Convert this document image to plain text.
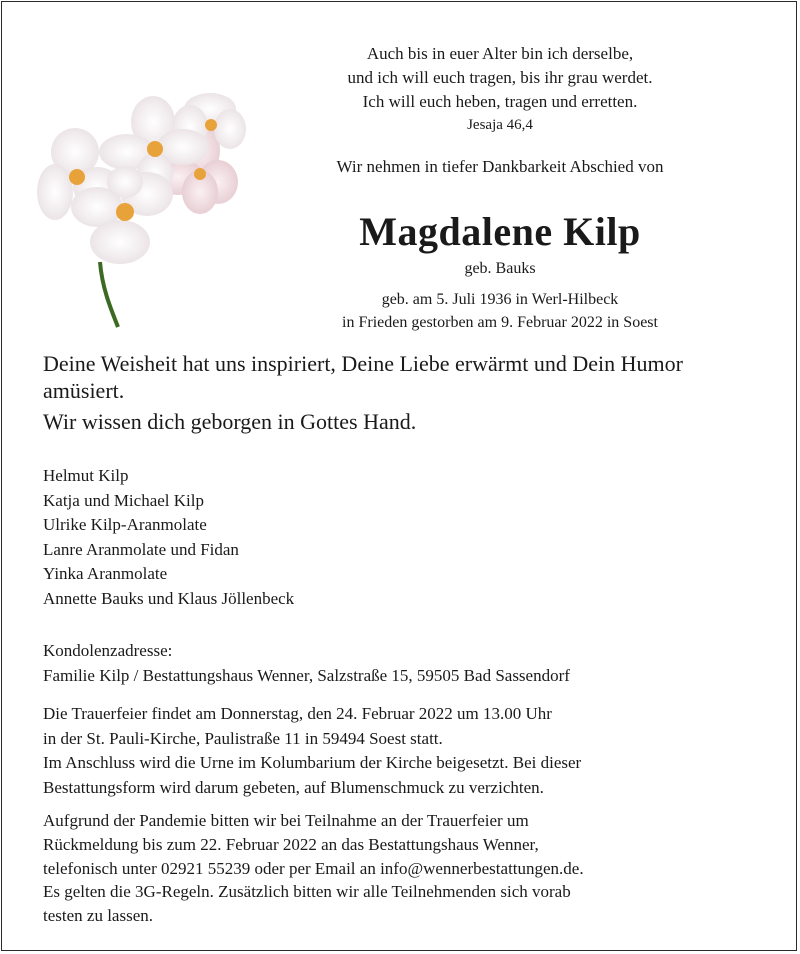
Auch bis in euer Alter bin ich derselbe,
und ich will euch tragen, bis ihr grau werdet.
Ich will euch heben, tragen und erretten.
Jesaja 46,4
Wir nehmen in tiefer Dankbarkeit Abschied von
Magdalene Kilp
geb. Bauks
geb. am 5. Juli 1936 in Werl-Hilbeck
in Frieden gestorben am 9. Februar 2022 in Soest
Deine Weisheit hat uns inspiriert, Deine Liebe erwärmt und Dein Humor amüsiert.
Wir wissen dich geborgen in Gottes Hand.
Helmut Kilp
Katja und Michael Kilp
Ulrike Kilp-Aranmolate
Lanre Aranmolate und Fidan
Yinka Aranmolate
Annette Bauks und Klaus Jöllenbeck
Kondolenzadresse:
Familie Kilp / Bestattungshaus Wenner, Salzstraße 15, 59505 Bad Sassendorf
Die Trauerfeier findet am Donnerstag, den 24. Februar 2022 um 13.00 Uhr
in der St. Pauli-Kirche, Paulistraße 11 in 59494 Soest statt.
Im Anschluss wird die Urne im Kolumbarium der Kirche beigesetzt. Bei dieser
Bestattungsform wird darum gebeten, auf Blumenschmuck zu verzichten.
Aufgrund der Pandemie bitten wir bei Teilnahme an der Trauerfeier um
Rückmeldung bis zum 22. Februar 2022 an das Bestattungshaus Wenner,
telefonisch unter 02921 55239 oder per Email an info@wennerbestattungen.de.
Es gelten die 3G-Regeln. Zusätzlich bitten wir alle Teilnehmenden sich vorab
testen zu lassen.
